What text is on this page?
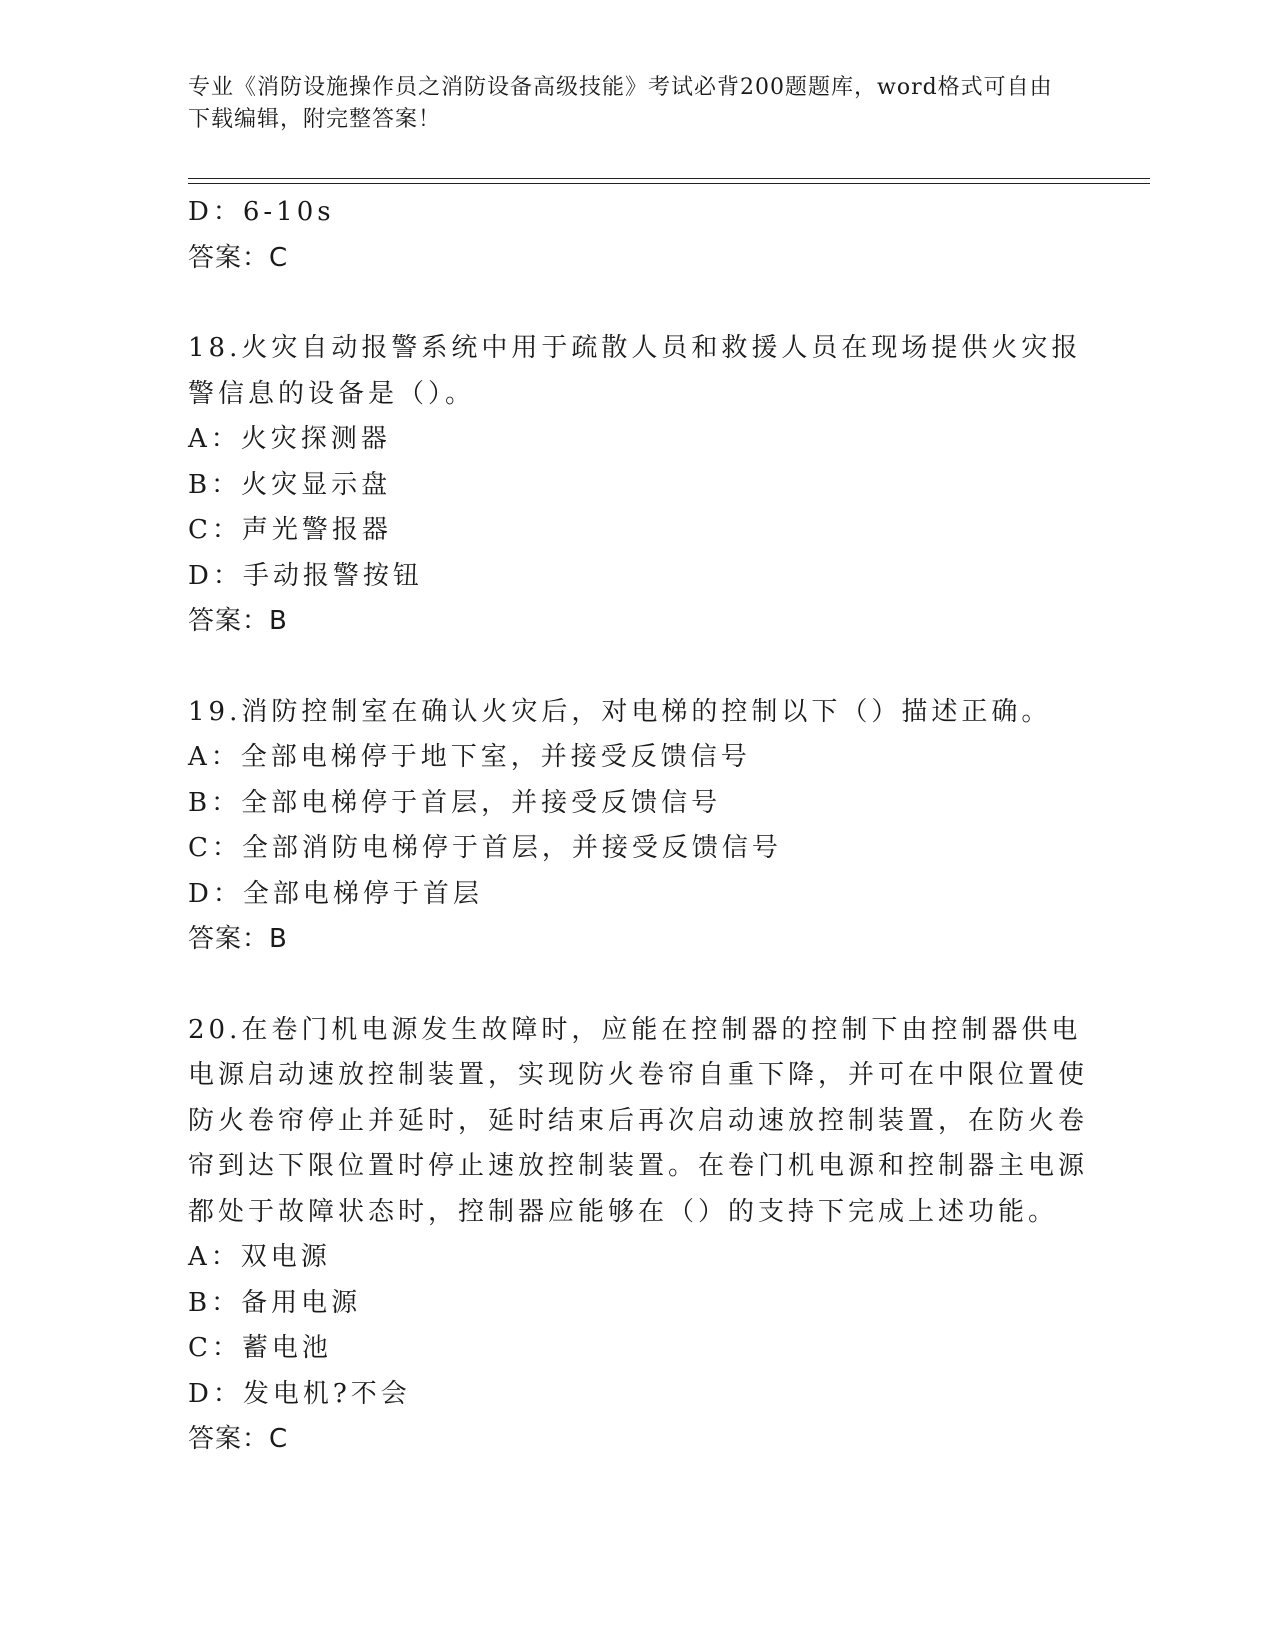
专业《消防设施操作员之消防设备高级技能》考试必背200题题库，word格式可自由下载编辑，附完整答案！
D：6-10s
答案：C
18.火灾自动报警系统中用于疏散人员和救援人员在现场提供火灾报警信息的设备是（）。
A：火灾探测器
B：火灾显示盘
C：声光警报器
D：手动报警按钮
答案：B
19.消防控制室在确认火灾后，对电梯的控制以下（）描述正确。
A：全部电梯停于地下室，并接受反馈信号
B：全部电梯停于首层，并接受反馈信号
C：全部消防电梯停于首层，并接受反馈信号
D：全部电梯停于首层
答案：B
20.在卷门机电源发生故障时，应能在控制器的控制下由控制器供电电源启动速放控制装置，实现防火卷帘自重下降，并可在中限位置使防火卷帘停止并延时，延时结束后再次启动速放控制装置，在防火卷帘到达下限位置时停止速放控制装置。在卷门机电源和控制器主电源都处于故障状态时，控制器应能够在（）的支持下完成上述功能。
A：双电源
B：备用电源
C：蓄电池
D：发电机?不会
答案：C
